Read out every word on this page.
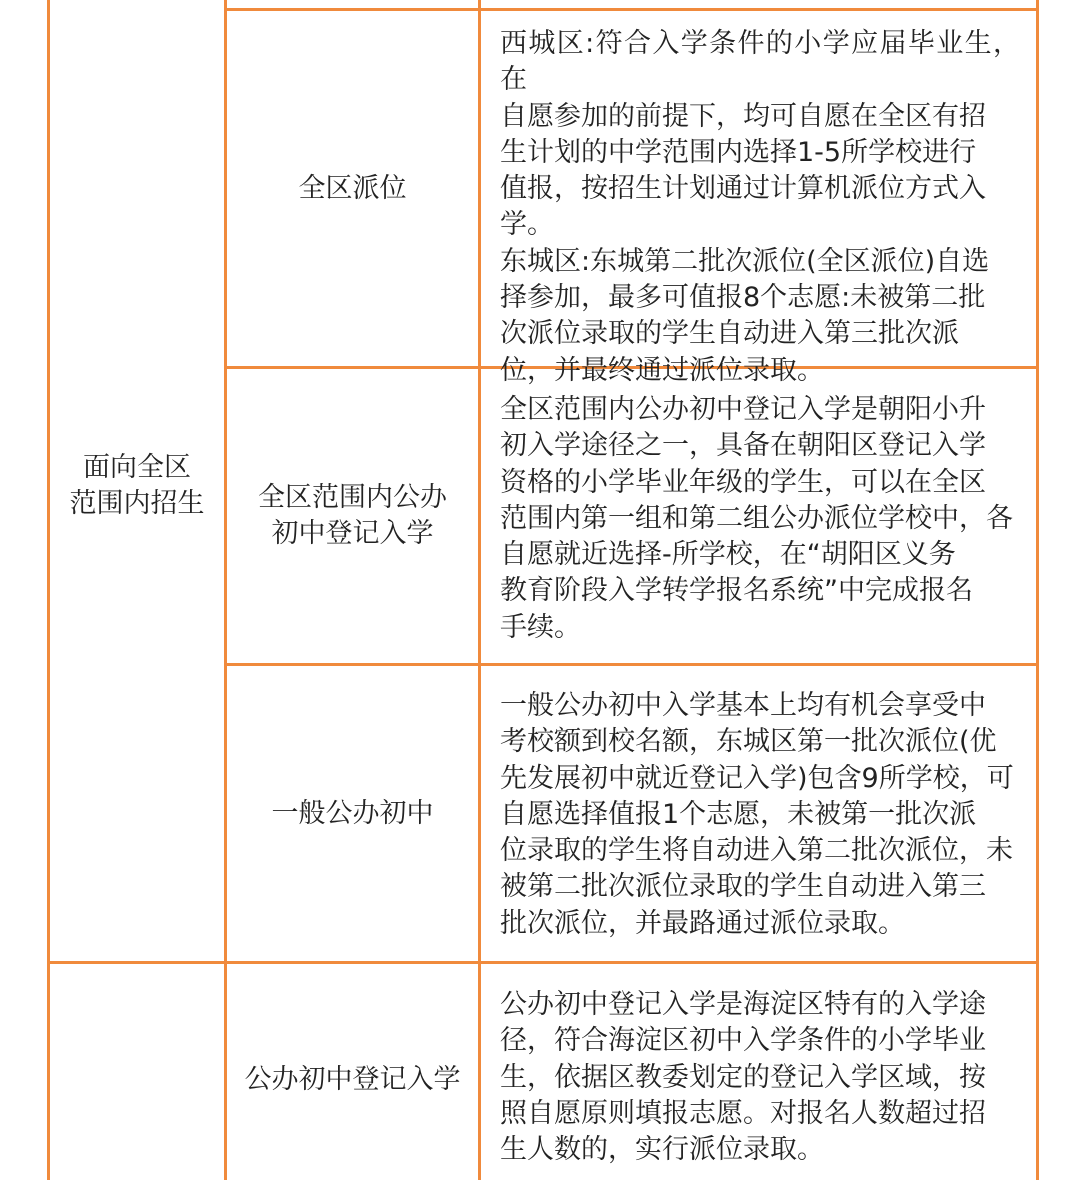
面向全区
范围内招生
全区派位
西城区:符合入学条件的小学应届毕业生，在
自愿参加的前提下，均可自愿在全区有招
生计划的中学范围内选择1-5所学校进行
值报，按招生计划通过计算机派位方式入
学。
东城区:东城第二批次派位(全区派位)自选
择参加，最多可值报8个志愿:未被第二批
次派位录取的学生自动进入第三批次派
位，并最终通过派位录取。
全区范围内公办
初中登记入学
全区范围内公办初中登记入学是朝阳小升
初入学途径之一，具备在朝阳区登记入学
资格的小学毕业年级的学生，可以在全区
范围内第一组和第二组公办派位学校中，各
自愿就近选择-所学校，在“胡阳区义务
教育阶段入学转学报名系统”中完成报名
手续。
一般公办初中
一般公办初中入学基本上均有机会享受中
考校额到校名额，东城区第一批次派位(优
先发展初中就近登记入学)包含9所学校，可
自愿选择值报1个志愿，未被第一批次派
位录取的学生将自动进入第二批次派位，未
被第二批次派位录取的学生自动进入第三
批次派位，并最路通过派位录取。
公办初中登记入学
公办初中登记入学是海淀区特有的入学途
径，符合海淀区初中入学条件的小学毕业
生，依据区教委划定的登记入学区域，按
照自愿原则填报志愿。对报名人数超过招
生人数的，实行派位录取。
